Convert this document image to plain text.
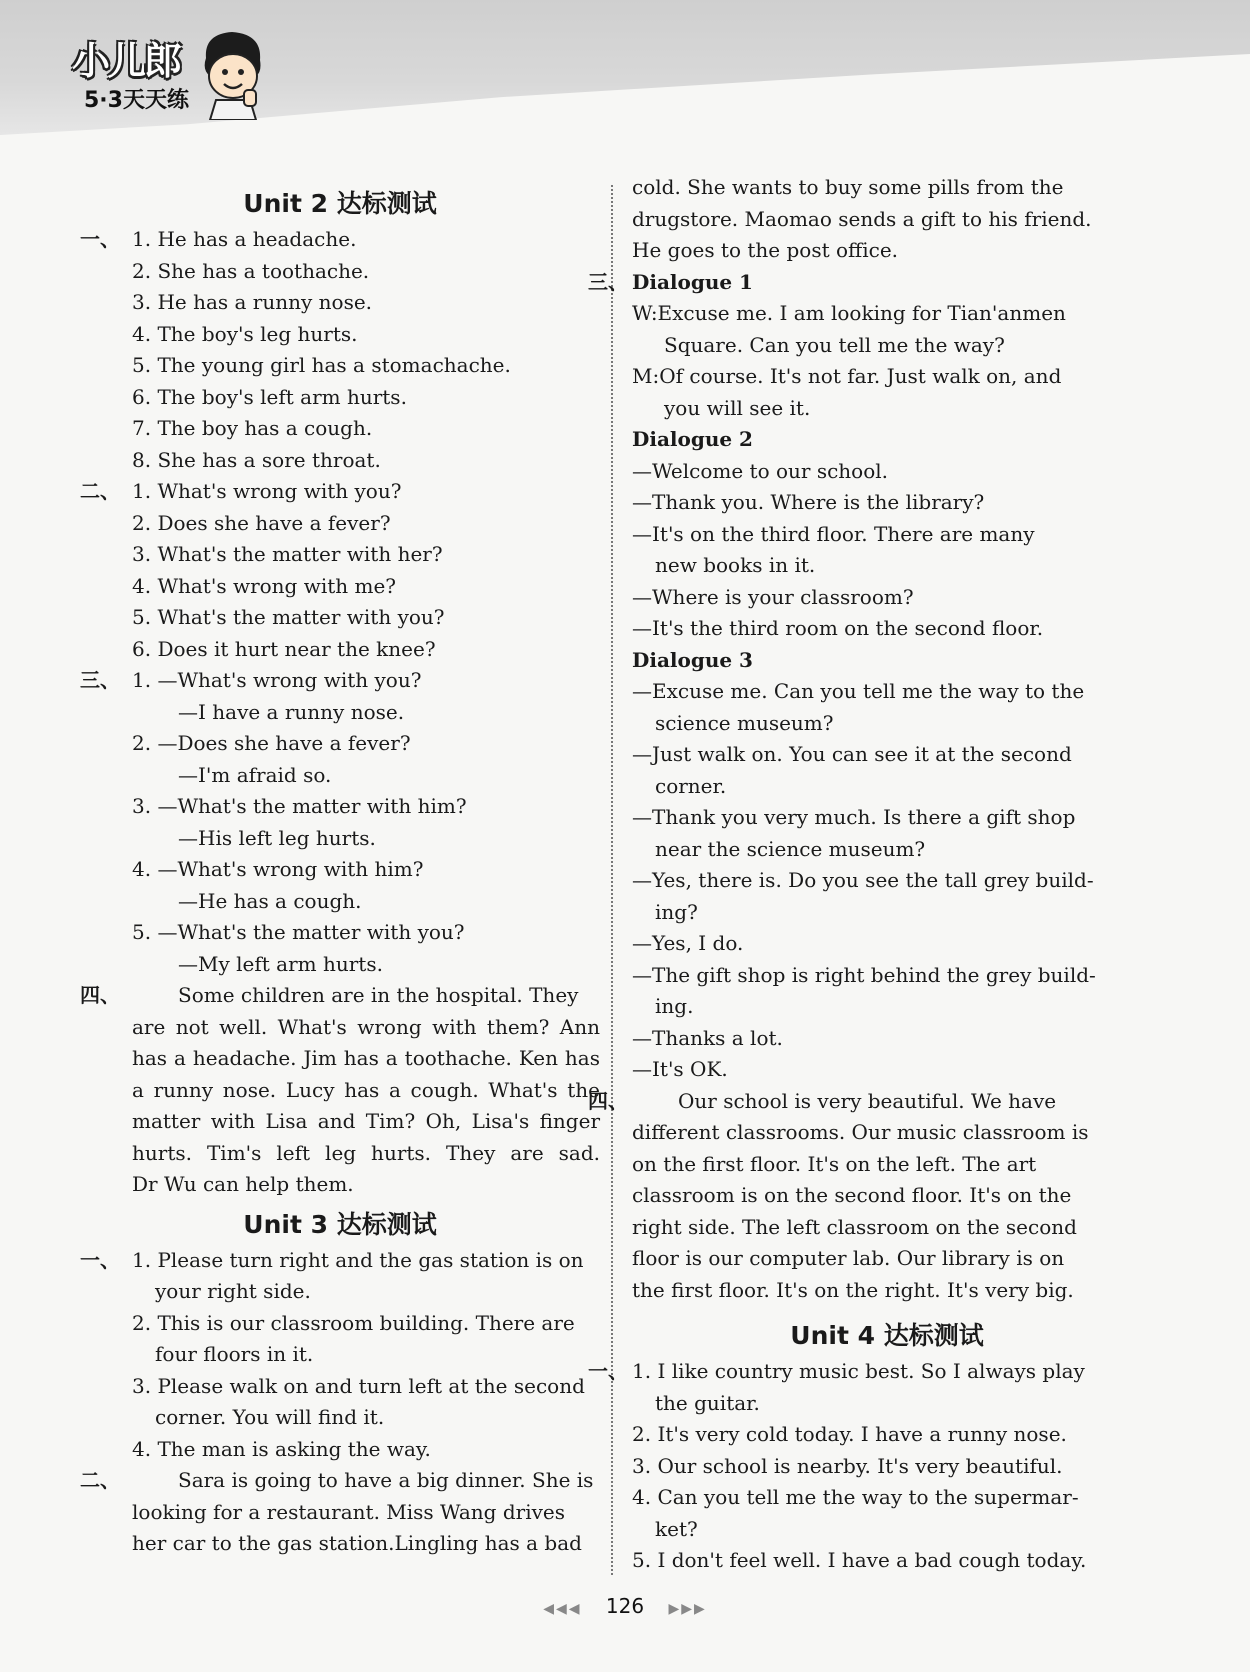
小儿郎
5·3天天练
Unit 2 达标测试
一、 1. He has a headache.
2. She has a toothache.
3. He has a runny nose.
4. The boy's leg hurts.
5. The young girl has a stomachache.
6. The boy's left arm hurts.
7. The boy has a cough.
8. She has a sore throat.
二、 1. What's wrong with you?
2. Does she have a fever?
3. What's the matter with her?
4. What's wrong with me?
5. What's the matter with you?
6. Does it hurt near the knee?
三、 1. —What's wrong with you?
—I have a runny nose.
2. —Does she have a fever?
—I'm afraid so.
3. —What's the matter with him?
—His left leg hurts.
4. —What's wrong with him?
—He has a cough.
5. —What's the matter with you?
—My left arm hurts.
四、	Some children are in the hospital. They
are not well. What's wrong with them? Ann
has a headache. Jim has a toothache. Ken has
a runny nose. Lucy has a cough. What's the
matter with Lisa and Tim? Oh, Lisa's finger
hurts. Tim's left leg hurts. They are sad.
Dr Wu can help them.
Unit 3 达标测试
一、 1. Please turn right and the gas station is on
your right side.
2. This is our classroom building. There are
four floors in it.
3. Please walk on and turn left at the second
corner. You will find it.
4. The man is asking the way.
二、	Sara is going to have a big dinner. She is
looking for a restaurant. Miss Wang drives
her car to the gas station.Lingling has a bad
cold. She wants to buy some pills from the
drugstore. Maomao sends a gift to his friend.
He goes to the post office.
三、 Dialogue 1
W:Excuse me. I am looking for Tian'anmen
Square. Can you tell me the way?
M:Of course. It's not far. Just walk on, and
you will see it.
Dialogue 2
—Welcome to our school.
—Thank you. Where is the library?
—It's on the third floor. There are many
new books in it.
—Where is your classroom?
—It's the third room on the second floor.
Dialogue 3
—Excuse me. Can you tell me the way to the
science museum?
—Just walk on. You can see it at the second
corner.
—Thank you very much. Is there a gift shop
near the science museum?
—Yes, there is. Do you see the tall grey build-
ing?
—Yes, I do.
—The gift shop is right behind the grey build-
ing.
—Thanks a lot.
—It's OK.
四、	Our school is very beautiful. We have
different classrooms. Our music classroom is
on the first floor. It's on the left. The art
classroom is on the second floor. It's on the
right side. The left classroom on the second
floor is our computer lab. Our library is on
the first floor. It's on the right. It's very big.
Unit 4 达标测试
一、 1. I like country music best. So I always play
the guitar.
2. It's very cold today. I have a runny nose.
3. Our school is nearby. It's very beautiful.
4. Can you tell me the way to the supermar-
ket?
5. I don't feel well. I have a bad cough today.
◀◀◀ 126 ▶▶▶
